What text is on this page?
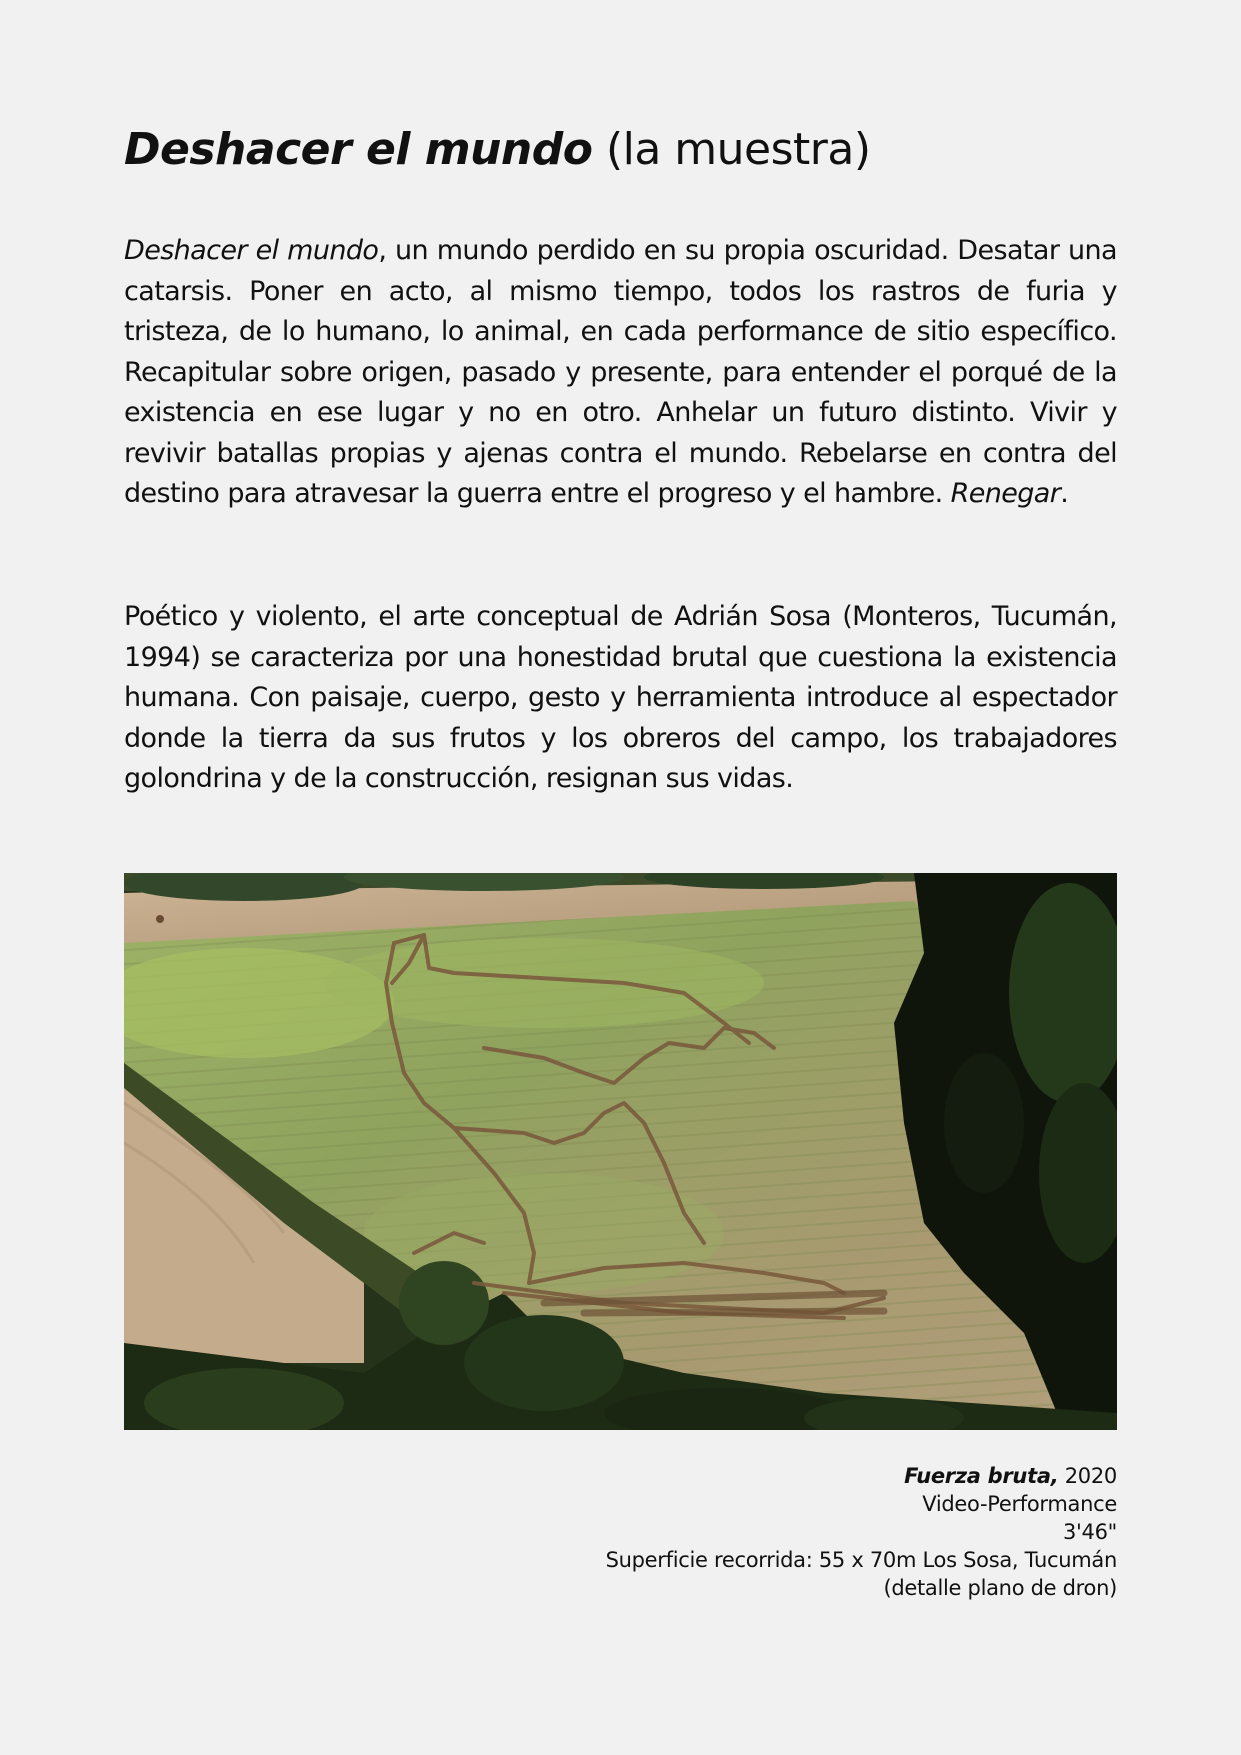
Deshacer el mundo (la muestra)

Deshacer el mundo, un mundo perdido en su propia oscuridad. Desatar una catarsis. Poner en acto, al mismo tiempo, todos los rastros de furia y tristeza, de lo humano, lo animal, en cada performance de sitio específico. Recapitular sobre origen, pasado y presente, para entender el porqué de la existencia en ese lugar y no en otro. Anhelar un futuro distinto. Vivir y revivir batallas propias y ajenas contra el mundo. Rebelarse en contra del destino para atravesar la guerra entre el progreso y el hambre. Renegar.

Poético y violento, el arte conceptual de Adrián Sosa (Monteros, Tucumán, 1994) se caracteriza por una honestidad brutal que cuestiona la existencia humana. Con paisaje, cuerpo, gesto y herramienta introduce al espectador donde la tierra da sus frutos y los obreros del campo, los trabajadores golondrina y de la construcción, resignan sus vidas.

Fuerza bruta, 2020
Video-Performance
3'46"
Superficie recorrida: 55 x 70m Los Sosa, Tucumán
(detalle plano de dron)
